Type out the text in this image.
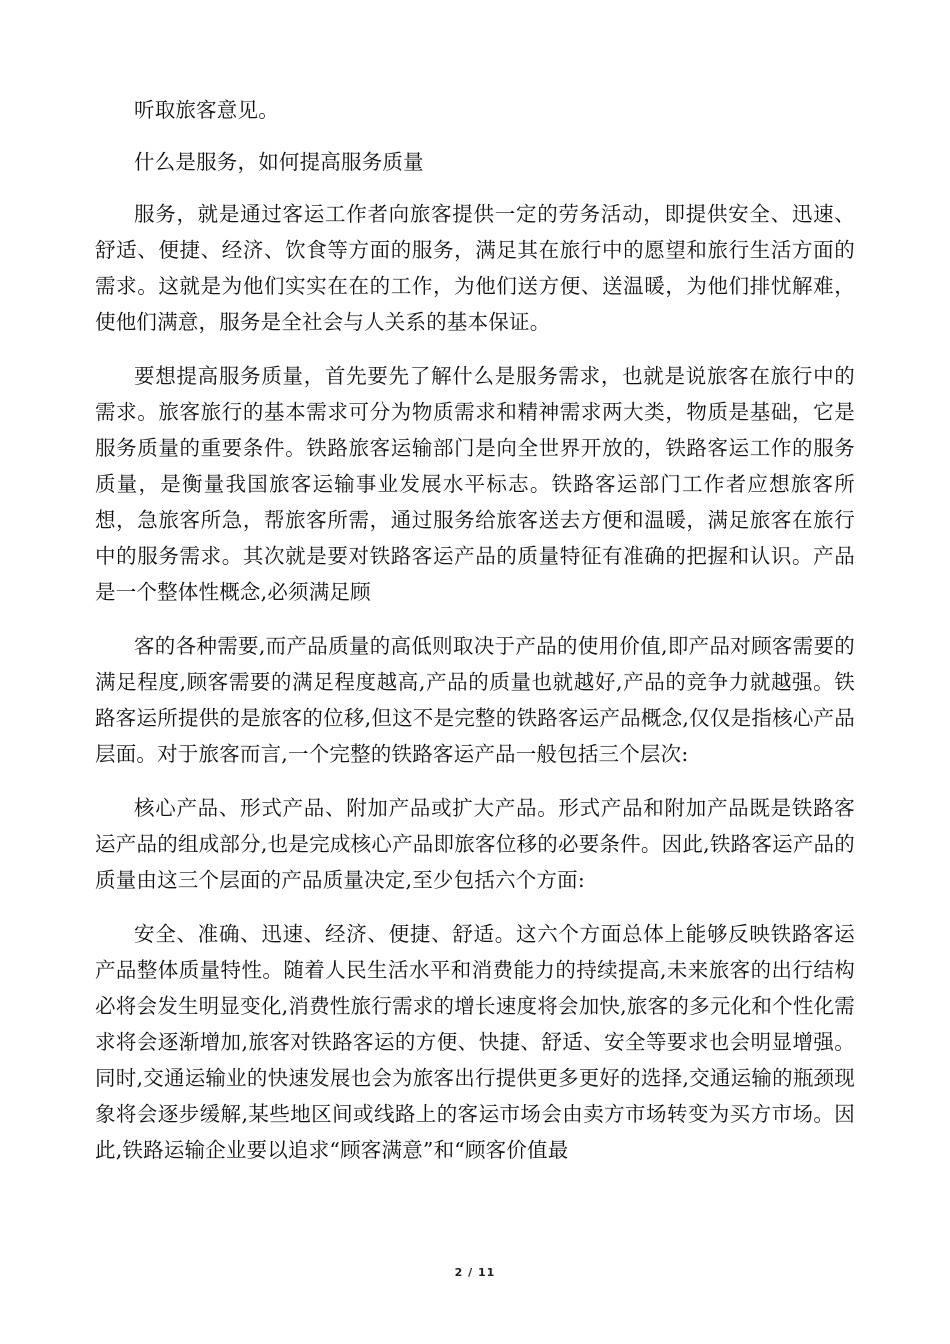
听取旅客意见。

什么是服务，如何提高服务质量

服务，就是通过客运工作者向旅客提供一定的劳务活动，即提供安全、迅速、舒适、便捷、经济、饮食等方面的服务，满足其在旅行中的愿望和旅行生活方面的需求。这就是为他们实实在在的工作，为他们送方便、送温暖，为他们排忧解难，使他们满意，服务是全社会与人关系的基本保证。

要想提高服务质量，首先要先了解什么是服务需求，也就是说旅客在旅行中的需求。旅客旅行的基本需求可分为物质需求和精神需求两大类，物质是基础，它是服务质量的重要条件。铁路旅客运输部门是向全世界开放的，铁路客运工作的服务质量，是衡量我国旅客运输事业发展水平标志。铁路客运部门工作者应想旅客所想，急旅客所急，帮旅客所需，通过服务给旅客送去方便和温暖，满足旅客在旅行中的服务需求。其次就是要对铁路客运产品的质量特征有准确的把握和认识。产品是一个整体性概念,必须满足顾

客的各种需要,而产品质量的高低则取决于产品的使用价值,即产品对顾客需要的满足程度,顾客需要的满足程度越高,产品的质量也就越好,产品的竞争力就越强。铁路客运所提供的是旅客的位移,但这不是完整的铁路客运产品概念,仅仅是指核心产品层面。对于旅客而言,一个完整的铁路客运产品一般包括三个层次:

核心产品、形式产品、附加产品或扩大产品。形式产品和附加产品既是铁路客运产品的组成部分,也是完成核心产品即旅客位移的必要条件。因此,铁路客运产品的质量由这三个层面的产品质量决定,至少包括六个方面:

安全、准确、迅速、经济、便捷、舒适。这六个方面总体上能够反映铁路客运产品整体质量特性。随着人民生活水平和消费能力的持续提高,未来旅客的出行结构必将会发生明显变化,消费性旅行需求的增长速度将会加快,旅客的多元化和个性化需求将会逐渐增加,旅客对铁路客运的方便、快捷、舒适、安全等要求也会明显增强。同时,交通运输业的快速发展也会为旅客出行提供更多更好的选择,交通运输的瓶颈现象将会逐步缓解,某些地区间或线路上的客运市场会由卖方市场转变为买方市场。因此,铁路运输企业要以追求“顾客满意”和“顾客价值最

2 / 11
